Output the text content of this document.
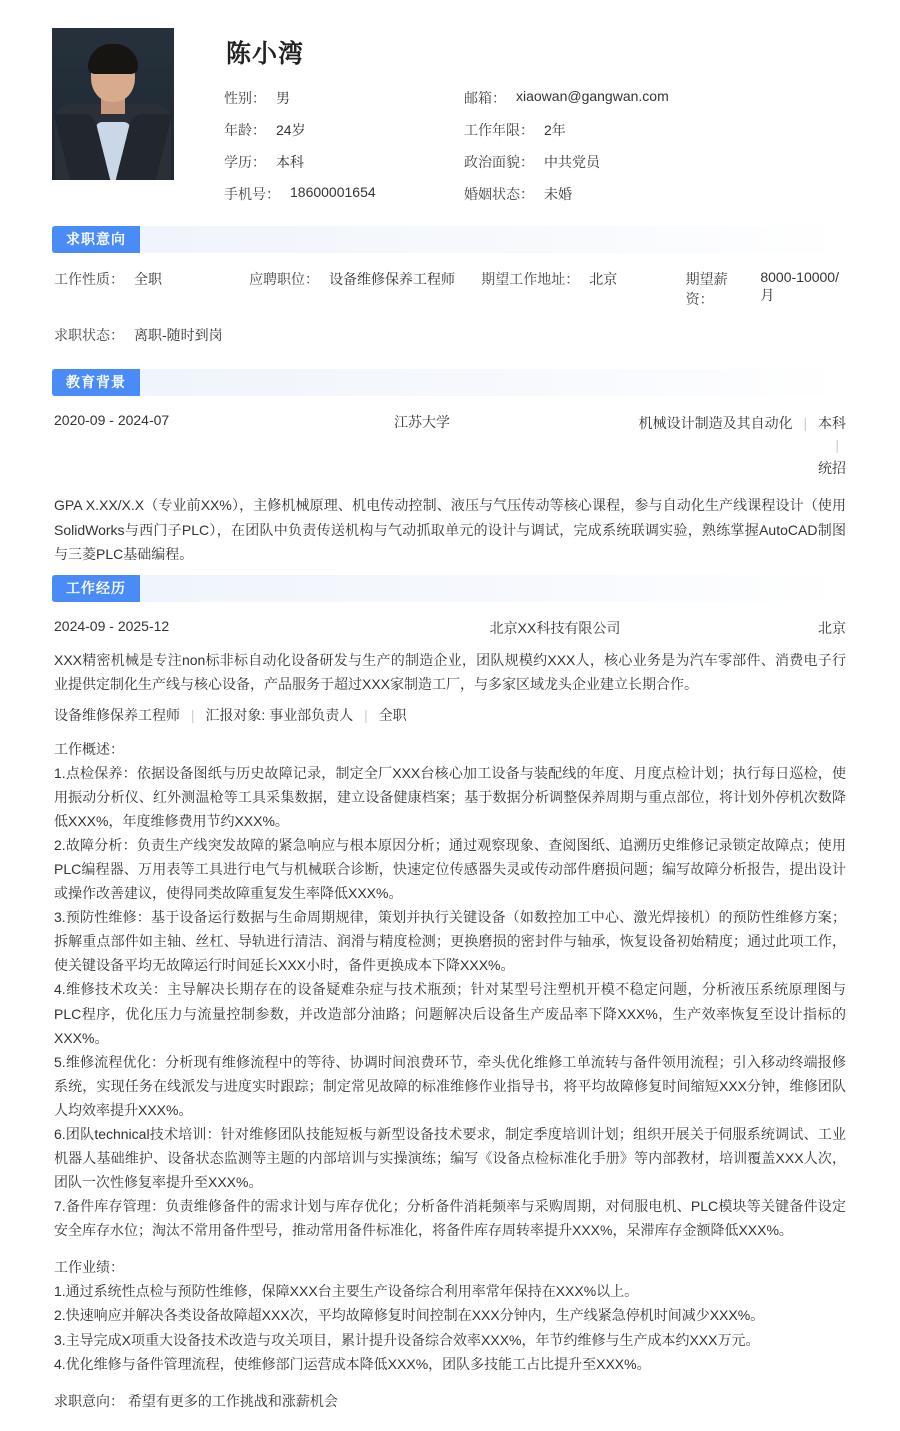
陈小湾
性别： 男	邮箱： xiaowan@gangwan.com
年龄： 24岁	工作年限： 2年
学历： 本科	政治面貌： 中共党员
手机号： 18600001654	婚姻状态： 未婚
求职意向
工作性质： 全职	应聘职位： 设备维修保养工程师 期望工作地址： 北京	期望薪资：
8000-10000/月
求职状态： 离职-随时到岗
教育背景
2020-09 - 2024-07	江苏大学	机械设计制造及其自动化 | 本科 |
统招
GPA X.XX/X.X（专业前XX%），主修机械原理、机电传动控制、液压与气压传动等核心课程，参与自动化生产线课程设计（使用SolidWorks与西门子PLC），在团队中负责传送机构与气动抓取单元的设计与调试，完成系统联调实验，熟练掌握AutoCAD制图与三菱PLC基础编程。
工作经历
2024-09 - 2025-12	北京XX科技有限公司	北京
XXX精密机械是专注non标非标自动化设备研发与生产的制造企业，团队规模约XXX人，核心业务是为汽车零部件、消费电子行业提供定制化生产线与核心设备，产品服务于超过XXX家制造工厂，与多家区域龙头企业建立长期合作。
设备维修保养工程师 | 汇报对象: 事业部负责人 | 全职

工作概述：

1.点检保养：依据设备图纸与历史故障记录，制定全厂XXX台核心加工设备与装配线的年度、月度点检计划；执行每日巡检，使用振动分析仪、红外测温枪等工具采集数据，建立设备健康档案；基于数据分析调整保养周期与重点部位，将计划外停机次数降低XXX%，年度维修费用节约XXX%。

2.故障分析：负责生产线突发故障的紧急响应与根本原因分析；通过观察现象、查阅图纸、追溯历史维修记录锁定故障点；使用PLC编程器、万用表等工具进行电气与机械联合诊断，快速定位传感器失灵或传动部件磨损问题；编写故障分析报告，提出设计或操作改善建议，使得同类故障重复发生率降低XXX%。

3.预防性维修：基于设备运行数据与生命周期规律，策划并执行关键设备（如数控加工中心、激光焊接机）的预防性维修方案；拆解重点部件如主轴、丝杠、导轨进行清洁、润滑与精度检测；更换磨损的密封件与轴承，恢复设备初始精度；通过此项工作，使关键设备平均无故障运行时间延长XXX小时，备件更换成本下降XXX%。

4.维修技术攻关：主导解决长期存在的设备疑难杂症与技术瓶颈；针对某型号注塑机开模不稳定问题，分析液压系统原理图与PLC程序，优化压力与流量控制参数，并改造部分油路；问题解决后设备生产废品率下降XXX%，生产效率恢复至设计指标的XXX%。

5.维修流程优化：分析现有维修流程中的等待、协调时间浪费环节，牵头优化维修工单流转与备件领用流程；引入移动终端报修系统，实现任务在线派发与进度实时跟踪；制定常见故障的标准维修作业指导书，将平均故障修复时间缩短XXX分钟，维修团队人均效率提升XXX%。

6.团队technical技术培训：针对维修团队技能短板与新型设备技术要求，制定季度培训计划；组织开展关于伺服系统调试、工业机器人基础维护、设备状态监测等主题的内部培训与实操演练；编写《设备点检标准化手册》等内部教材，培训覆盖XXX人次，团队一次性修复率提升至XXX%。

7.备件库存管理：负责维修备件的需求计划与库存优化；分析备件消耗频率与采购周期，对伺服电机、PLC模块等关键备件设定安全库存水位；淘汰不常用备件型号，推动常用备件标准化，将备件库存周转率提升XXX%，呆滞库存金额降低XXX%。

工作业绩：

1.通过系统性点检与预防性维修，保障XXX台主要生产设备综合利用率常年保持在XXX%以上。

2.快速响应并解决各类设备故障超XXX次，平均故障修复时间控制在XXX分钟内，生产线紧急停机时间减少XXX%。

3.主导完成X项重大设备技术改造与攻关项目，累计提升设备综合效率XXX%，年节约维修与生产成本约XXX万元。

4.优化维修与备件管理流程，使维修部门运营成本降低XXX%，团队多技能工占比提升至XXX%。

求职意向： 希望有更多的工作挑战和涨薪机会
